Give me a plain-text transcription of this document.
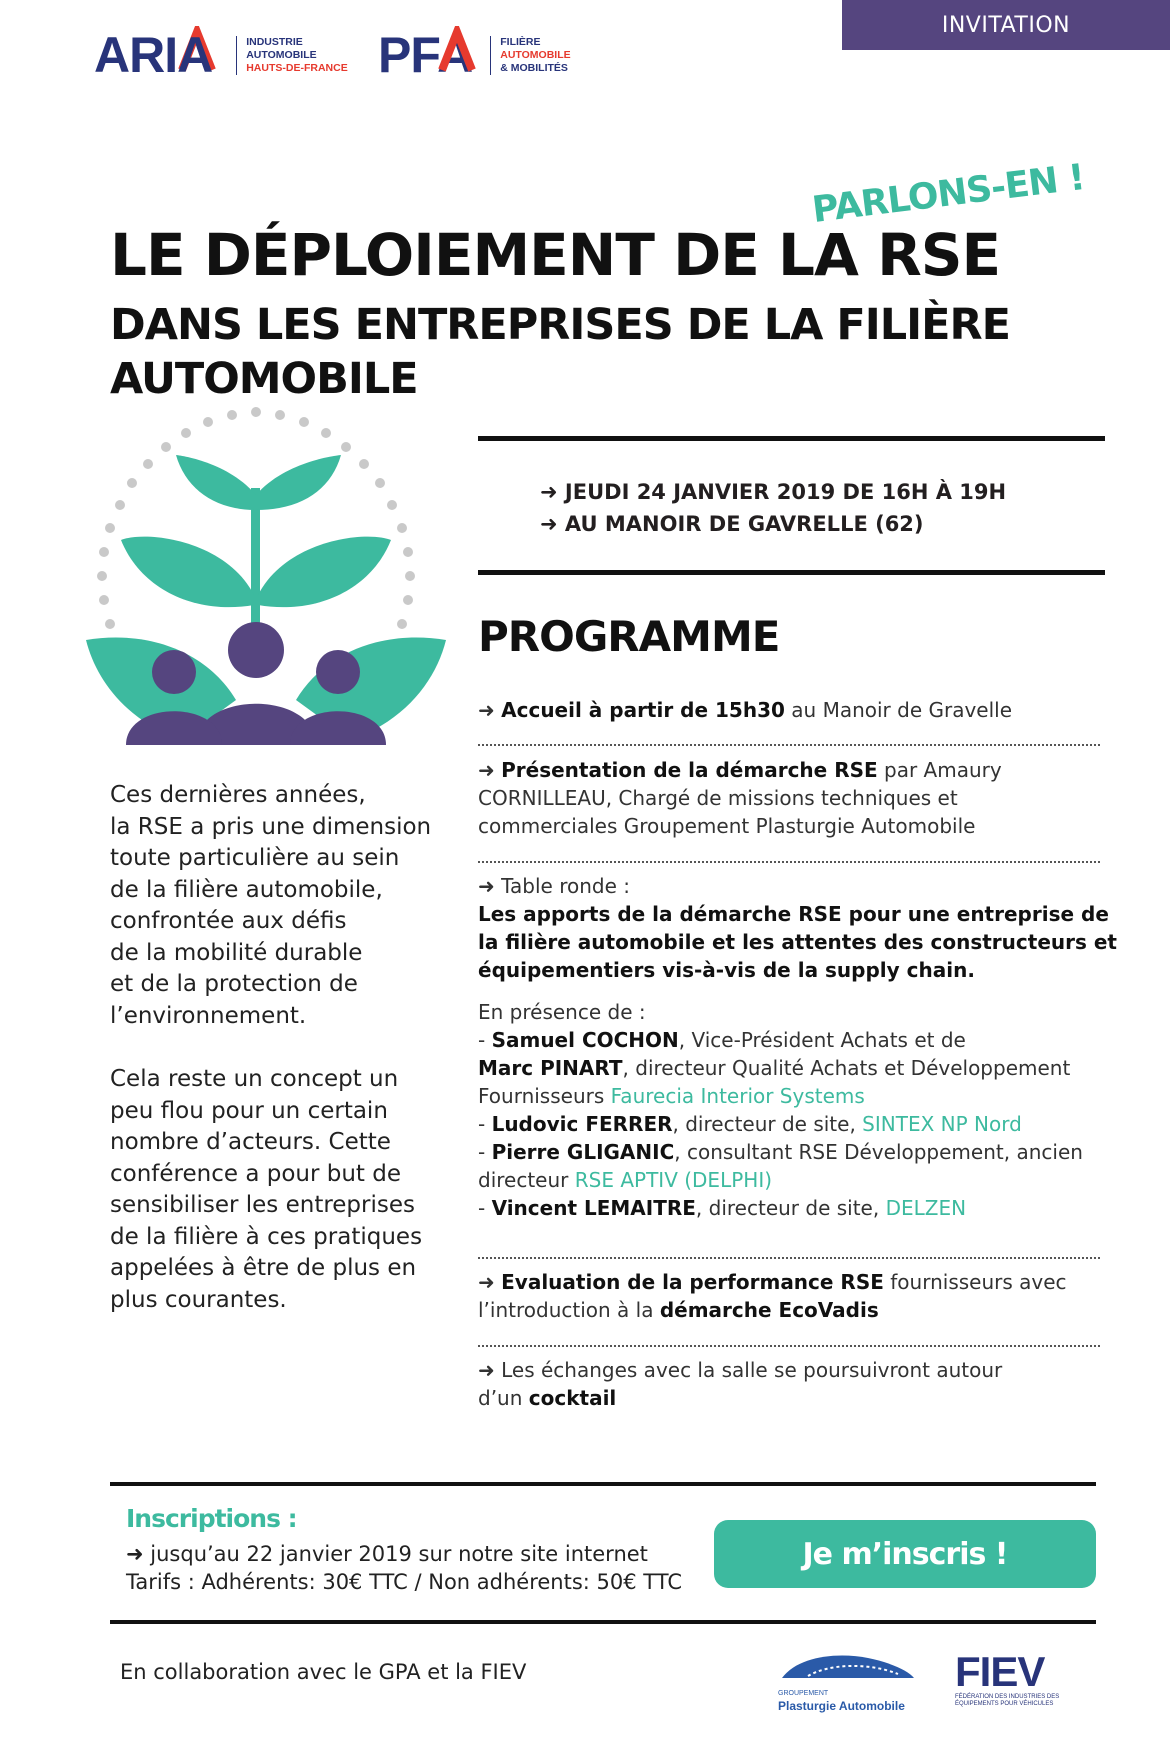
INVITATION
ARIA	INDUSTRIE
AUTOMOBILE
HAUTS-DE-FRANCE PFA	FILIÈRE
AUTOMOBILE
& MOBILITÉS
LE DÉPLOIEMENT DE LA RSE
DANS LES ENTREPRISES DE LA FILIÈRE AUTOMOBILE
PARLONS-EN !
➜ JEUDI 24 JANVIER 2019 DE 16H À 19H
➜ AU MANOIR DE GAVRELLE (62)
PROGRAMME
➜ Accueil à partir de 15h30 au Manoir de Gravelle
➜ Présentation de la démarche RSE par Amaury
CORNILLEAU, Chargé de missions techniques et
commerciales Groupement Plasturgie Automobile
➜ Table ronde :
Les apports de la démarche RSE pour une entreprise de
la filière automobile et les attentes des constructeurs et
équipementiers vis-à-vis de la supply chain.
En présence de :
- Samuel COCHON, Vice-Président Achats et de
Marc PINART, directeur Qualité Achats et Développement
Fournisseurs Faurecia Interior Systems
- Ludovic FERRER, directeur de site, SINTEX NP Nord
- Pierre GLIGANIC, consultant RSE Développement, ancien
directeur RSE APTIV (DELPHI)
- Vincent LEMAITRE, directeur de site, DELZEN
➜ Evaluation de la performance RSE fournisseurs avec
l’introduction à la démarche EcoVadis
➜ Les échanges avec la salle se poursuivront autour
d’un cocktail

Ces dernières années,
la RSE a pris une dimension
toute particulière au sein
de la filière automobile,
confrontée aux défis
de la mobilité durable
et de la protection de
l’environnement.

Cela reste un concept un
peu flou pour un certain
nombre d’acteurs. Cette
conférence a pour but de
sensibiliser les entreprises
de la filière à ces pratiques
appelées à être de plus en
plus courantes.

Inscriptions :
➜ jusqu’au 22 janvier 2019 sur notre site internet
Tarifs : Adhérents: 30€ TTC / Non adhérents: 50€ TTC
Je m’inscris !
En collaboration avec le GPA et la FIEV
GROUPEMENT
Plasturgie Automobile
FIEV
FÉDÉRATION DES INDUSTRIES DES
ÉQUIPEMENTS POUR VÉHICULES
